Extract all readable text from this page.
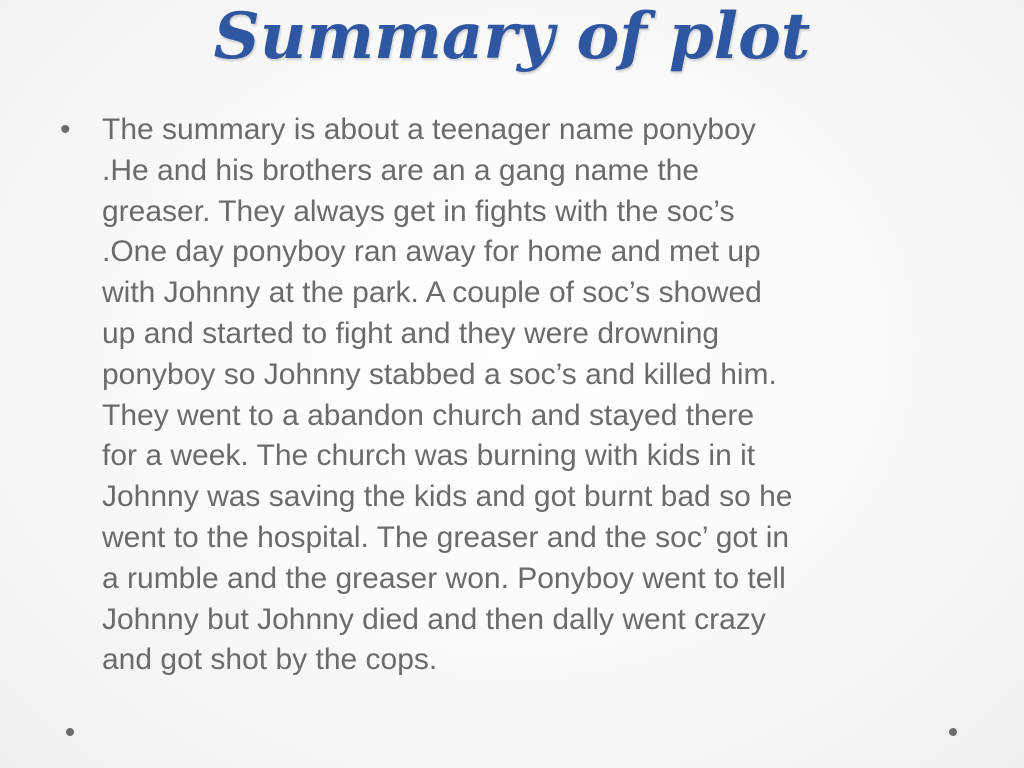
Summary of plot
• The summary is about a teenager name ponyboy
.He and his brothers are an a gang name the
greaser. They always get in fights with the soc’s
.One day ponyboy ran away for home and met up
with Johnny at the park. A couple of soc’s showed
up and started to fight and they were drowning
ponyboy so Johnny stabbed a soc’s and killed him.
They went to a abandon church and stayed there
for a week. The church was burning with kids in it
Johnny was saving the kids and got burnt bad so he
went to the hospital. The greaser and the soc’ got in
a rumble and the greaser won. Ponyboy went to tell
Johnny but Johnny died and then dally went crazy
and got shot by the cops.
